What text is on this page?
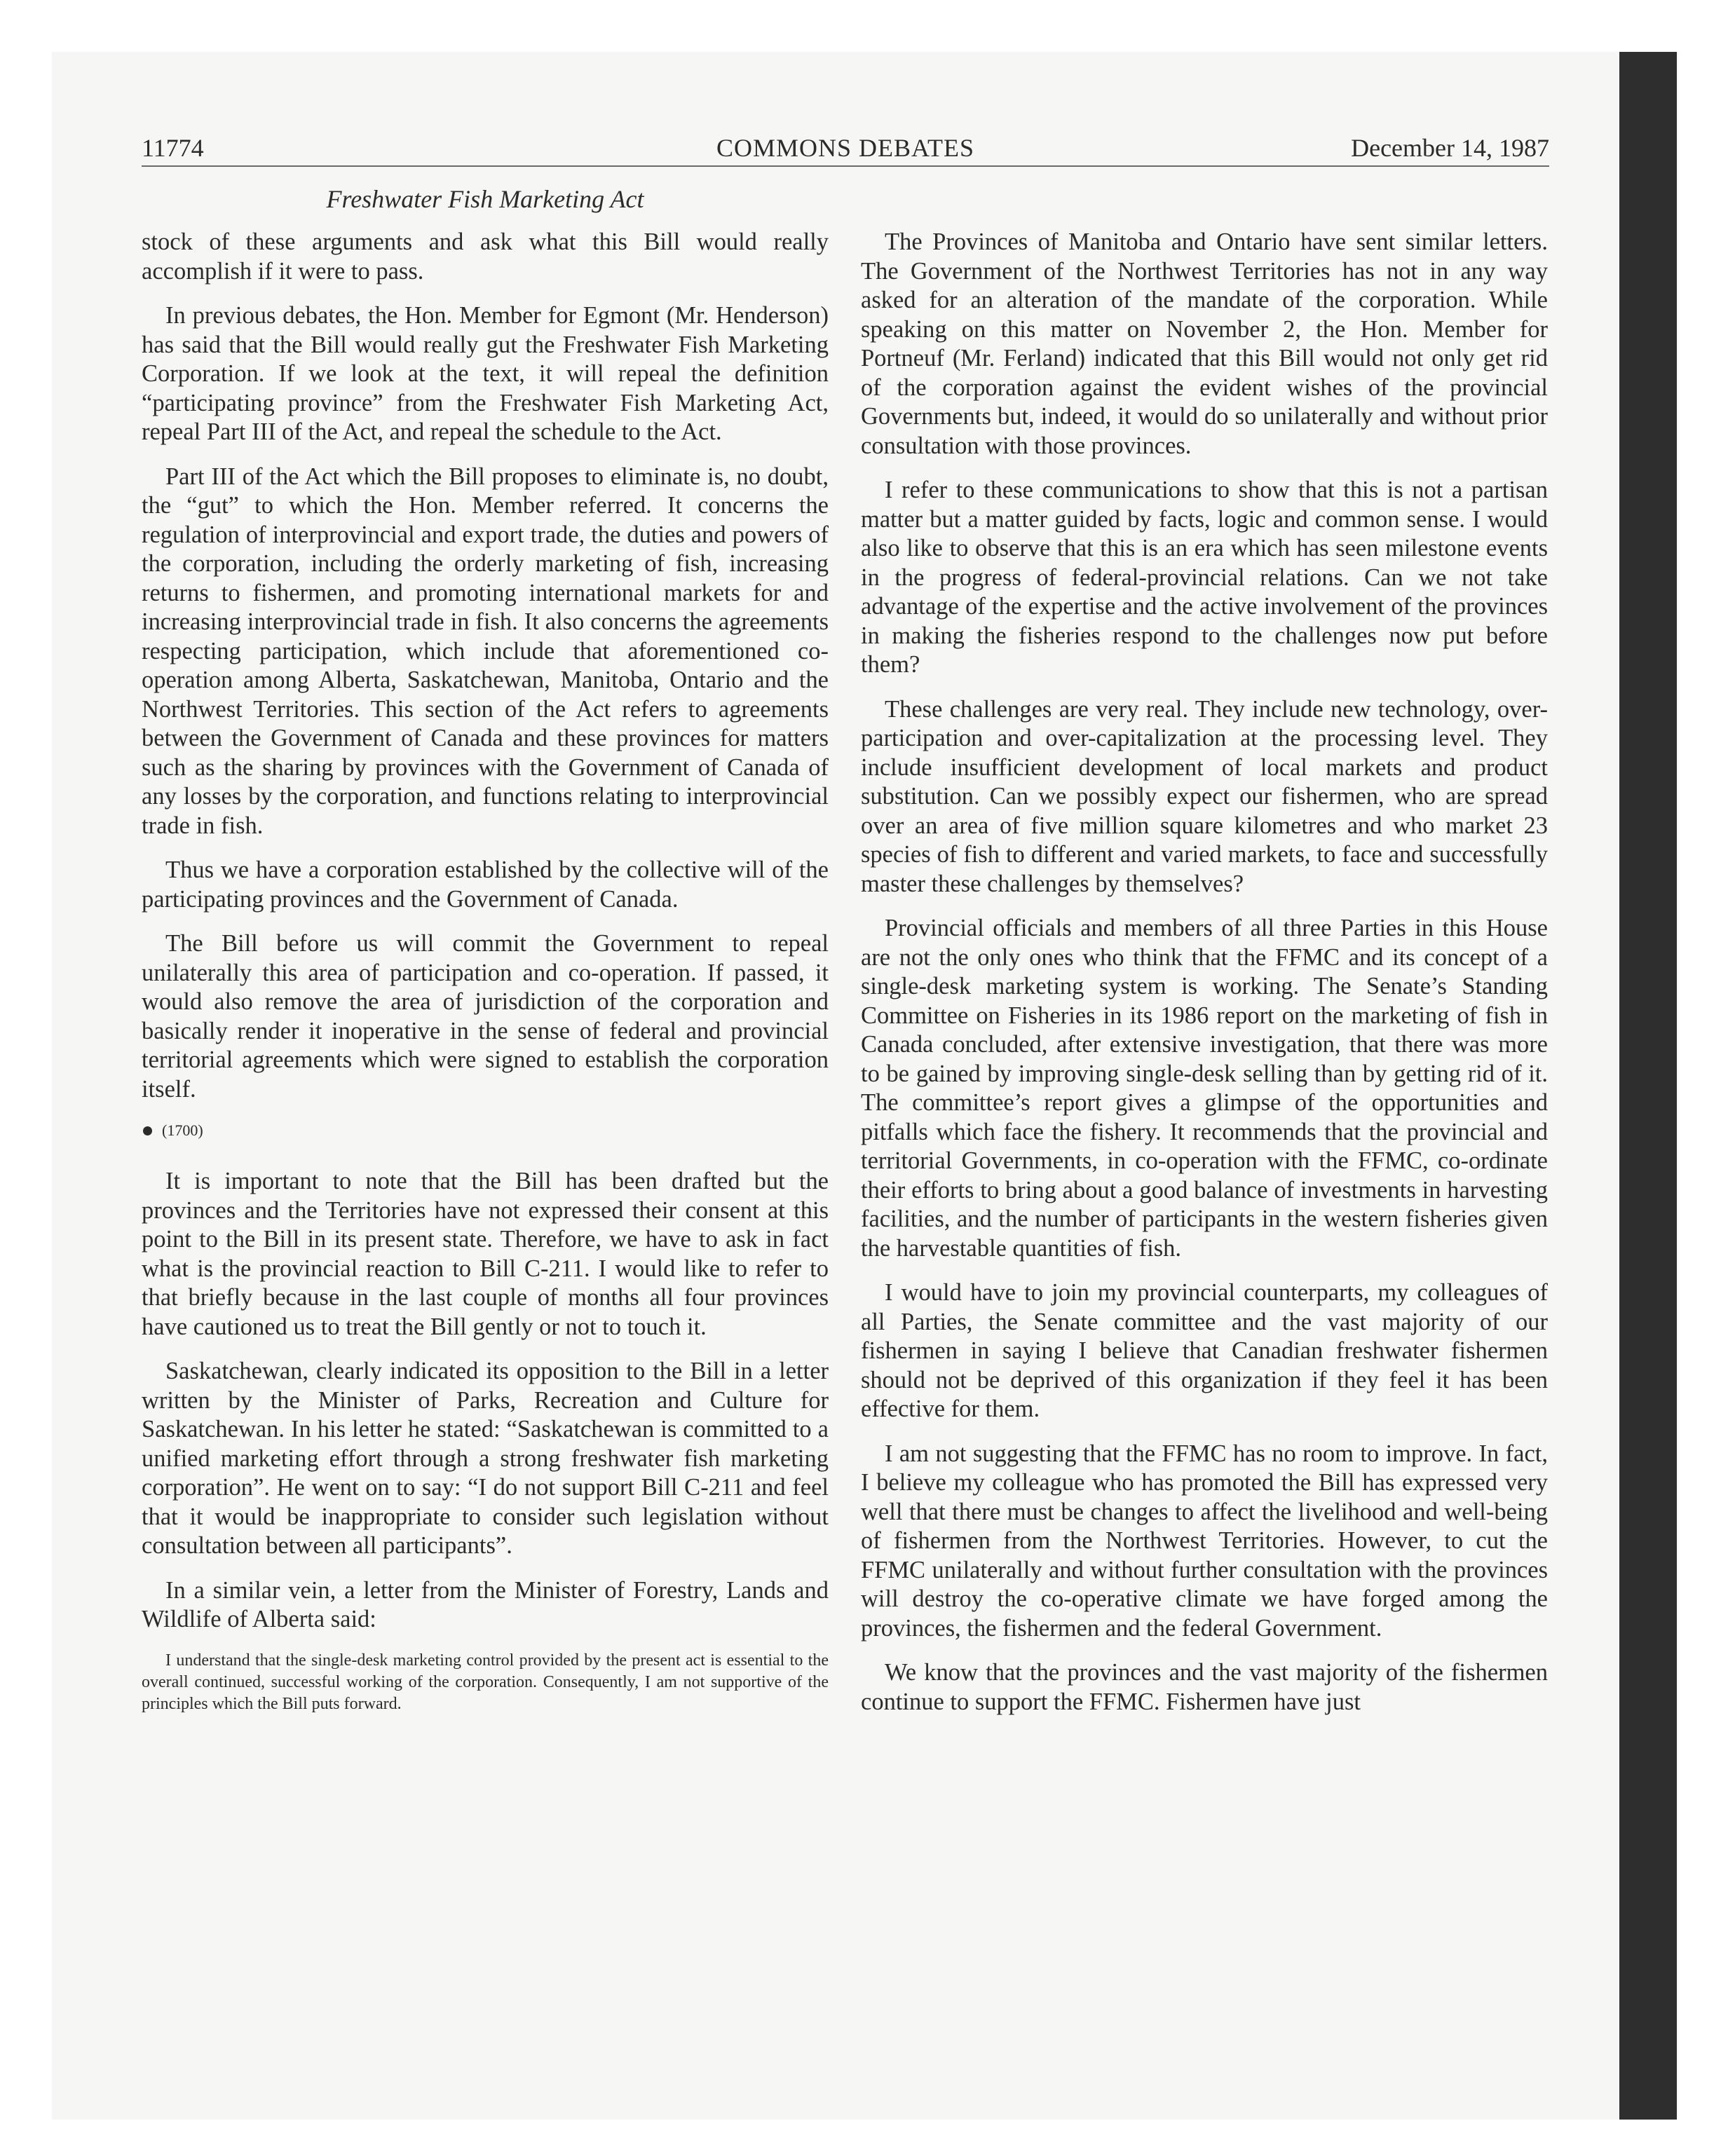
11774	COMMONS DEBATES	December 14, 1987
Freshwater Fish Marketing Act

stock of these arguments and ask what this Bill would really accomplish if it were to pass.

In previous debates, the Hon. Member for Egmont (Mr. Henderson) has said that the Bill would really gut the Freshwater Fish Marketing Corporation. If we look at the text, it will repeal the definition “participating province” from the Freshwater Fish Marketing Act, repeal Part III of the Act, and repeal the schedule to the Act.

Part III of the Act which the Bill proposes to eliminate is, no doubt, the “gut” to which the Hon. Member referred. It concerns the regulation of interprovincial and export trade, the duties and powers of the corporation, including the orderly marketing of fish, increasing returns to fishermen, and promoting international markets for and increasing interprovincial trade in fish. It also concerns the agreements respecting participation, which include that aforementioned co-operation among Alberta, Saskatchewan, Manitoba, Ontario and the Northwest Territories. This section of the Act refers to agreements between the Government of Canada and these provinces for matters such as the sharing by provinces with the Government of Canada of any losses by the corporation, and functions relating to interprovincial trade in fish.

Thus we have a corporation established by the collective will of the participating provinces and the Government of Canada.

The Bill before us will commit the Government to repeal unilaterally this area of participation and co-operation. If passed, it would also remove the area of jurisdiction of the corporation and basically render it inoperative in the sense of federal and provincial territorial agreements which were signed to establish the corporation itself.

(1700)

It is important to note that the Bill has been drafted but the provinces and the Territories have not expressed their consent at this point to the Bill in its present state. Therefore, we have to ask in fact what is the provincial reaction to Bill C-211. I would like to refer to that briefly because in the last couple of months all four provinces have cautioned us to treat the Bill gently or not to touch it.

Saskatchewan, clearly indicated its opposition to the Bill in a letter written by the Minister of Parks, Recreation and Culture for Saskatchewan. In his letter he stated: “Saskatchewan is committed to a unified marketing effort through a strong freshwater fish marketing corporation”. He went on to say: “I do not support Bill C-211 and feel that it would be inappropriate to consider such legislation without consultation between all participants”.

In a similar vein, a letter from the Minister of Forestry, Lands and Wildlife of Alberta said:

I understand that the single-desk marketing control provided by the present act is essential to the overall continued, successful working of the corporation. Consequently, I am not supportive of the principles which the Bill puts forward.

The Provinces of Manitoba and Ontario have sent similar letters. The Government of the Northwest Territories has not in any way asked for an alteration of the mandate of the corporation. While speaking on this matter on November 2, the Hon. Member for Portneuf (Mr. Ferland) indicated that this Bill would not only get rid of the corporation against the evident wishes of the provincial Governments but, indeed, it would do so unilaterally and without prior consultation with those provinces.

I refer to these communications to show that this is not a partisan matter but a matter guided by facts, logic and common sense. I would also like to observe that this is an era which has seen milestone events in the progress of federal-provincial relations. Can we not take advantage of the expertise and the active involvement of the provinces in making the fisheries respond to the challenges now put before them?

These challenges are very real. They include new technology, over-participation and over-capitalization at the processing level. They include insufficient development of local markets and product substitution. Can we possibly expect our fishermen, who are spread over an area of five million square kilometres and who market 23 species of fish to different and varied markets, to face and successfully master these challenges by themselves?

Provincial officials and members of all three Parties in this House are not the only ones who think that the FFMC and its concept of a single-desk marketing system is working. The Senate’s Standing Committee on Fisheries in its 1986 report on the marketing of fish in Canada concluded, after extensive investigation, that there was more to be gained by improving single-desk selling than by getting rid of it. The committee’s report gives a glimpse of the opportunities and pitfalls which face the fishery. It recommends that the provincial and territorial Governments, in co-operation with the FFMC, co-ordinate their efforts to bring about a good balance of investments in harvesting facilities, and the number of participants in the western fisheries given the harvestable quantities of fish.

I would have to join my provincial counterparts, my colleagues of all Parties, the Senate committee and the vast majority of our fishermen in saying I believe that Canadian freshwater fishermen should not be deprived of this organization if they feel it has been effective for them.

I am not suggesting that the FFMC has no room to improve. In fact, I believe my colleague who has promoted the Bill has expressed very well that there must be changes to affect the livelihood and well-being of fishermen from the Northwest Territories. However, to cut the FFMC unilaterally and without further consultation with the provinces will destroy the co-operative climate we have forged among the provinces, the fishermen and the federal Government.

We know that the provinces and the vast majority of the fishermen continue to support the FFMC. Fishermen have just
